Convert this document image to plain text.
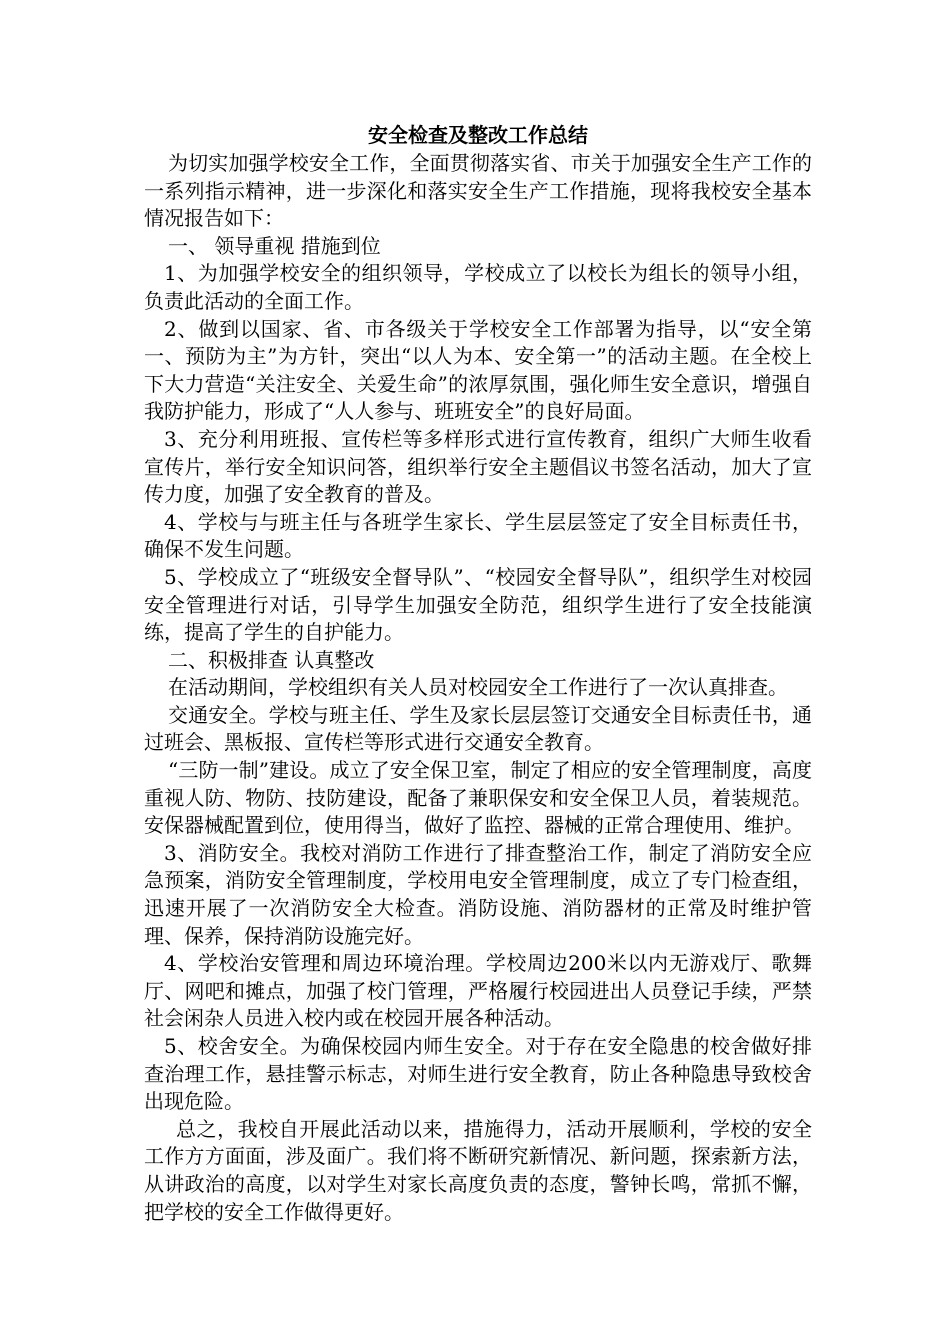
安全检查及整改工作总结

为切实加强学校安全工作，全面贯彻落实省、市关于加强安全生产工作的一系列指示精神，进一步深化和落实安全生产工作措施，现将我校安全基本情况报告如下：

一、 领导重视 措施到位

1、为加强学校安全的组织领导，学校成立了以校长为组长的领导小组，负责此活动的全面工作。

2、做到以国家、省、市各级关于学校安全工作部署为指导，以“安全第一、预防为主”为方针，突出“以人为本、安全第一”的活动主题。在全校上下大力营造“关注安全、关爱生命”的浓厚氛围，强化师生安全意识，增强自我防护能力，形成了“人人参与、班班安全”的良好局面。

3、充分利用班报、宣传栏等多样形式进行宣传教育，组织广大师生收看宣传片，举行安全知识问答，组织举行安全主题倡议书签名活动，加大了宣传力度，加强了安全教育的普及。

4、学校与与班主任与各班学生家长、学生层层签定了安全目标责任书，确保不发生问题。

5、学校成立了“班级安全督导队”、“校园安全督导队”，组织学生对校园安全管理进行对话，引导学生加强安全防范，组织学生进行了安全技能演练，提高了学生的自护能力。

二、积极排查 认真整改

在活动期间，学校组织有关人员对校园安全工作进行了一次认真排查。

交通安全。学校与班主任、学生及家长层层签订交通安全目标责任书，通过班会、黑板报、宣传栏等形式进行交通安全教育。

“三防一制”建设。成立了安全保卫室，制定了相应的安全管理制度，高度重视人防、物防、技防建设，配备了兼职保安和安全保卫人员，着装规范。安保器械配置到位，使用得当，做好了监控、器械的正常合理使用、维护。

3、消防安全。我校对消防工作进行了排查整治工作，制定了消防安全应急预案，消防安全管理制度，学校用电安全管理制度，成立了专门检查组，迅速开展了一次消防安全大检查。消防设施、消防器材的正常及时维护管理、保养，保持消防设施完好。

4、学校治安管理和周边环境治理。学校周边200米以内无游戏厅、歌舞厅、网吧和摊点，加强了校门管理，严格履行校园进出人员登记手续，严禁社会闲杂人员进入校内或在校园开展各种活动。

5、校舍安全。为确保校园内师生安全。对于存在安全隐患的校舍做好排查治理工作，悬挂警示标志，对师生进行安全教育，防止各种隐患导致校舍出现危险。

总之，我校自开展此活动以来，措施得力，活动开展顺利，学校的安全工作方方面面，涉及面广。我们将不断研究新情况、新问题，探索新方法，从讲政治的高度，以对学生对家长高度负责的态度，警钟长鸣，常抓不懈，把学校的安全工作做得更好。
